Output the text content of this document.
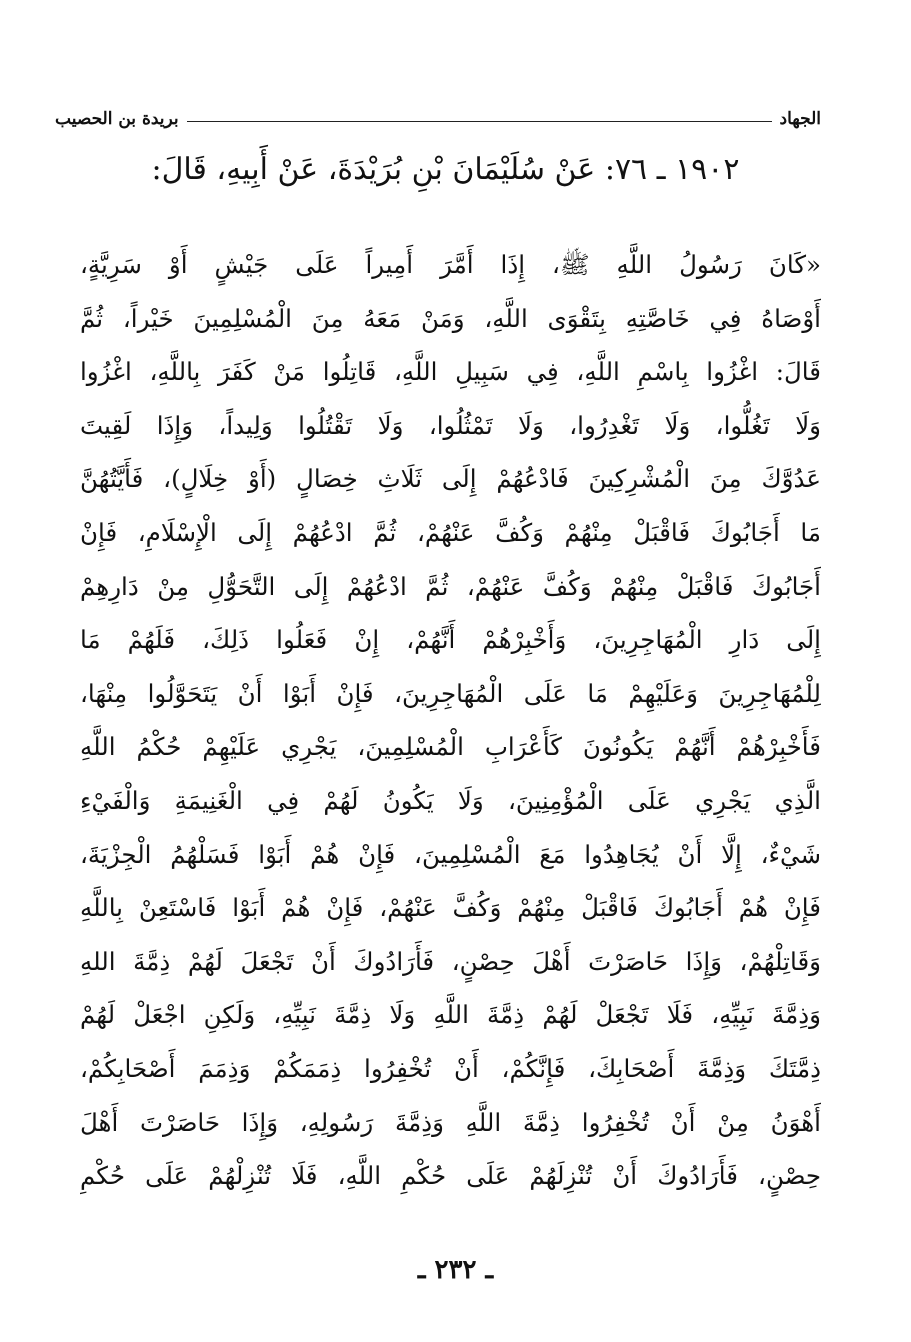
الجهاد
بريدة بن الحصيب
١٩٠٢ ـ ٧٦: عَنْ سُلَيْمَانَ بْنِ بُرَيْدَةَ، عَنْ أَبِيهِ، قَالَ:
«كَانَ رَسُولُ اللَّهِ ﷺ، إِذَا أَمَّرَ أَمِيراً عَلَى جَيْشٍ أَوْ سَرِيَّةٍ،
أَوْصَاهُ فِي خَاصَّتِهِ بِتَقْوَى اللَّهِ، وَمَنْ مَعَهُ مِنَ الْمُسْلِمِينَ خَيْراً، ثُمَّ
قَالَ: اغْزُوا بِاسْمِ اللَّهِ، فِي سَبِيلِ اللَّهِ، قَاتِلُوا مَنْ كَفَرَ بِاللَّهِ، اغْزُوا
وَلَا تَغُلُّوا، وَلَا تَغْدِرُوا، وَلَا تَمْثُلُوا، وَلَا تَقْتُلُوا وَلِيداً، وَإِذَا لَقِيتَ
عَدُوَّكَ مِنَ الْمُشْرِكِينَ فَادْعُهُمْ إِلَى ثَلَاثِ خِصَالٍ (أَوْ خِلَالٍ)، فَأَيَّتُهُنَّ
مَا أَجَابُوكَ فَاقْبَلْ مِنْهُمْ وَكُفَّ عَنْهُمْ، ثُمَّ ادْعُهُمْ إِلَى الْإِسْلَامِ، فَإِنْ
أَجَابُوكَ فَاقْبَلْ مِنْهُمْ وَكُفَّ عَنْهُمْ، ثُمَّ ادْعُهُمْ إِلَى التَّحَوُّلِ مِنْ دَارِهِمْ
إِلَى دَارِ الْمُهَاجِرِينَ، وَأَخْبِرْهُمْ أَنَّهُمْ، إِنْ فَعَلُوا ذَلِكَ، فَلَهُمْ مَا
لِلْمُهَاجِرِينَ وَعَلَيْهِمْ مَا عَلَى الْمُهَاجِرِينَ، فَإِنْ أَبَوْا أَنْ يَتَحَوَّلُوا مِنْهَا،
فَأَخْبِرْهُمْ أَنَّهُمْ يَكُونُونَ كَأَعْرَابِ الْمُسْلِمِينَ، يَجْرِي عَلَيْهِمْ حُكْمُ اللَّهِ
الَّذِي يَجْرِي عَلَى الْمُؤْمِنِينَ، وَلَا يَكُونُ لَهُمْ فِي الْغَنِيمَةِ وَالْفَيْءِ
شَيْءٌ، إِلَّا أَنْ يُجَاهِدُوا مَعَ الْمُسْلِمِينَ، فَإِنْ هُمْ أَبَوْا فَسَلْهُمُ الْجِزْيَةَ،
فَإِنْ هُمْ أَجَابُوكَ فَاقْبَلْ مِنْهُمْ وَكُفَّ عَنْهُمْ، فَإِنْ هُمْ أَبَوْا فَاسْتَعِنْ بِاللَّهِ
وَقَاتِلْهُمْ، وَإِذَا حَاصَرْتَ أَهْلَ حِصْنٍ، فَأَرَادُوكَ أَنْ تَجْعَلَ لَهُمْ ذِمَّةَ اللهِ
وَذِمَّةَ نَبِيِّهِ، فَلَا تَجْعَلْ لَهُمْ ذِمَّةَ اللَّهِ وَلَا ذِمَّةَ نَبِيِّهِ، وَلَكِنِ اجْعَلْ لَهُمْ
ذِمَّتَكَ وَذِمَّةَ أَصْحَابِكَ، فَإِنَّكُمْ، أَنْ تُخْفِرُوا ذِمَمَكُمْ وَذِمَمَ أَصْحَابِكُمْ،
أَهْوَنُ مِنْ أَنْ تُخْفِرُوا ذِمَّةَ اللَّهِ وَذِمَّةَ رَسُولِهِ، وَإِذَا حَاصَرْتَ أَهْلَ
حِصْنٍ، فَأَرَادُوكَ أَنْ تُنْزِلَهُمْ عَلَى حُكْمِ اللَّهِ، فَلَا تُنْزِلْهُمْ عَلَى حُكْمِ
ـ ٢٣٢ ـ
